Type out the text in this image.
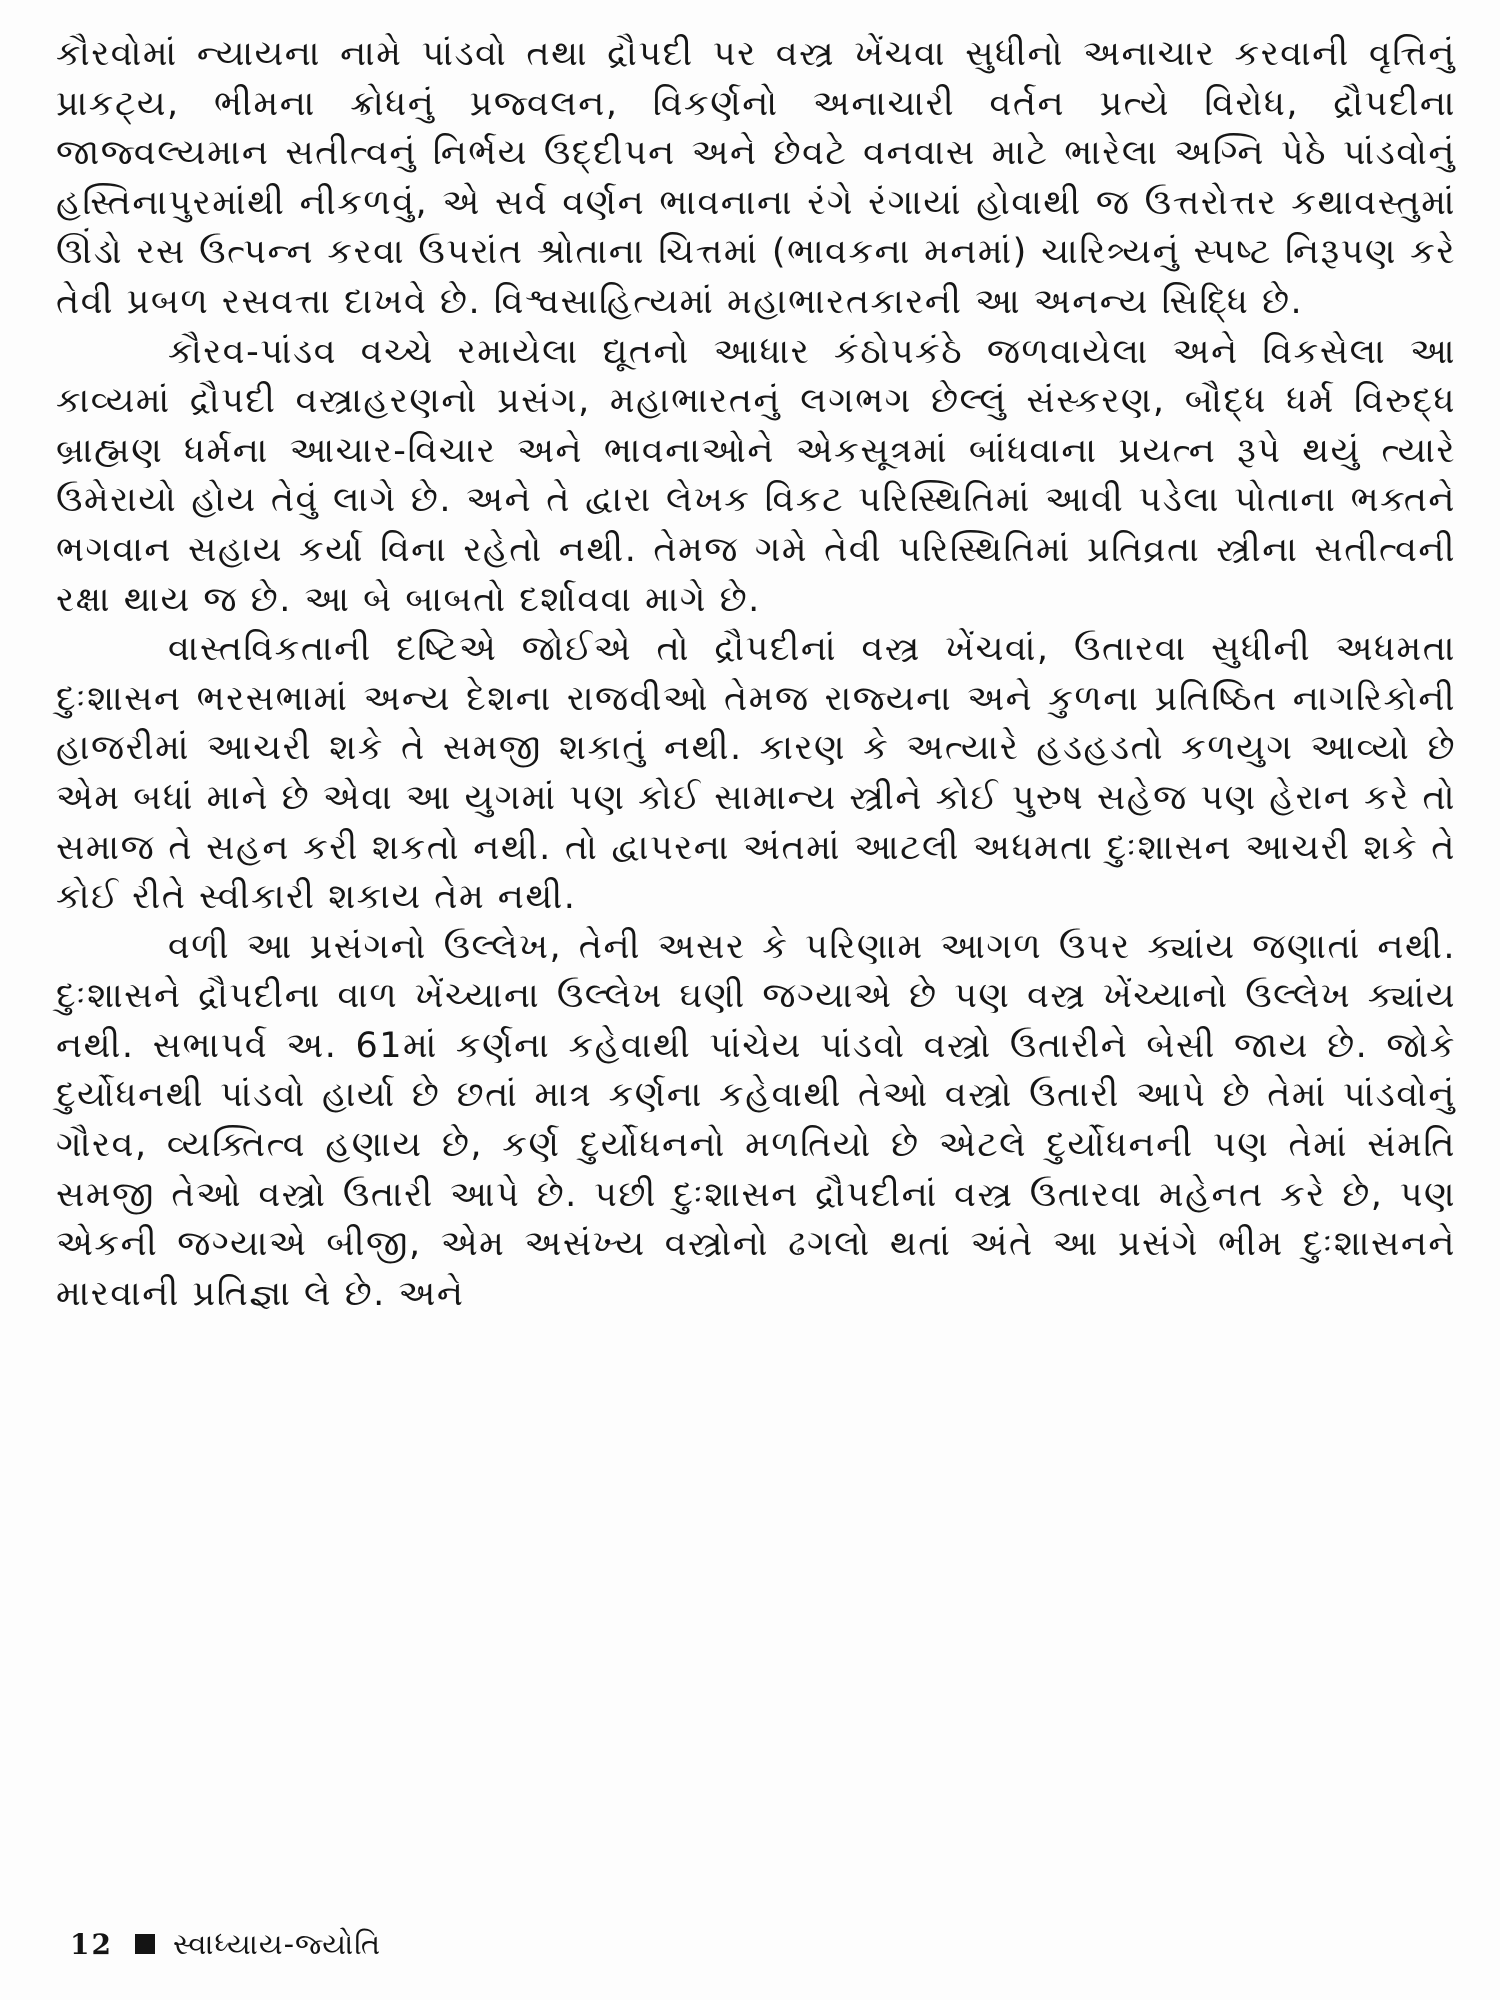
કૌરવોમાં ન્યાયના નામે પાંડવો તથા દ્રૌપદી પર વસ્ત્ર ખેંચવા સુધીનો અનાચાર કરવાની વૃત્તિનું પ્રાકટ્ય, ભીમના ક્રોધનું પ્રજ્વલન, વિકર્ણનો અનાચારી વર્તન પ્રત્યે વિરોધ, દ્રૌપદીના જાજ્વલ્યમાન સતીત્વનું નિર્ભય ઉદ્દીપન અને છેવટે વનવાસ માટે ભારેલા અગ્નિ પેઠે પાંડવોનું હસ્તિનાપુરમાંથી નીકળવું, એ સર્વ વર્ણન ભાવનાના રંગે રંગાયાં હોવાથી જ ઉત્તરોત્તર કથાવસ્તુમાં ઊંડો રસ ઉત્પન્ન કરવા ઉપરાંત શ્રોતાના ચિત્તમાં (ભાવકના મનમાં) ચારિત્ર્યનું સ્પષ્ટ નિરૂપણ કરે તેવી પ્રબળ રસવત્તા દાખવે છે. વિશ્વસાહિત્યમાં મહાભારતકારની આ અનન્ય સિદ્ધિ છે.

કૌરવ-પાંડવ વચ્ચે રમાયેલા દ્યૂતનો આધાર કંઠોપકંઠે જળવાયેલા અને વિકસેલા આ કાવ્યમાં દ્રૌપદી વસ્ત્રાહરણનો પ્રસંગ, મહાભારતનું લગભગ છેલ્લું સંસ્કરણ, બૌદ્ધ ધર્મ વિરુદ્ધ બ્રાહ્મણ ધર્મના આચાર-વિચાર અને ભાવનાઓને એકસૂત્રમાં બાંધવાના પ્રયત્ન રૂપે થયું ત્યારે ઉમેરાયો હોય તેવું લાગે છે. અને તે દ્વારા લેખક વિકટ પરિસ્થિતિમાં આવી પડેલા પોતાના ભક્તને ભગવાન સહાય કર્યા વિના રહેતો નથી. તેમજ ગમે તેવી પરિસ્થિતિમાં પ્રતિવ્રતા સ્ત્રીના સતીત્વની રક્ષા થાય જ છે. આ બે બાબતો દર્શાવવા માગે છે.

વાસ્તવિકતાની દષ્ટિએ જોઈએ તો દ્રૌપદીનાં વસ્ત્ર ખેંચવાં, ઉતારવા સુધીની અધમતા દુઃશાસન ભરસભામાં અન્ય દેશના રાજવીઓ તેમજ રાજ્યના અને કુળના પ્રતિષ્ઠિત નાગરિકોની હાજરીમાં આચરી શકે તે સમજી શકાતું નથી. કારણ કે અત્યારે હડહડતો કળયુગ આવ્યો છે એમ બધાં માને છે એવા આ યુગમાં પણ કોઈ સામાન્ય સ્ત્રીને કોઈ પુરુષ સહેજ પણ હેરાન કરે તો સમાજ તે સહન કરી શકતો નથી. તો દ્વાપરના અંતમાં આટલી અધમતા દુઃશાસન આચરી શકે તે કોઈ રીતે સ્વીકારી શકાય તેમ નથી.

વળી આ પ્રસંગનો ઉલ્લેખ, તેની અસર કે પરિણામ આગળ ઉપર ક્યાંય જણાતાં નથી. દુઃશાસને દ્રૌપદીના વાળ ખેંચ્યાના ઉલ્લેખ ઘણી જગ્યાએ છે પણ વસ્ત્ર ખેંચ્યાનો ઉલ્લેખ ક્યાંય નથી. સભાપર્વ અ. 61માં કર્ણના કહેવાથી પાંચેય પાંડવો વસ્ત્રો ઉતારીને બેસી જાય છે. જોકે દુર્યોધનથી પાંડવો હાર્યા છે છતાં માત્ર કર્ણના કહેવાથી તેઓ વસ્ત્રો ઉતારી આપે છે તેમાં પાંડવોનું ગૌરવ, વ્યક્તિત્વ હણાય છે, કર્ણ દુર્યોધનનો મળતિયો છે એટલે દુર્યોધનની પણ તેમાં સંમતિ સમજી તેઓ વસ્ત્રો ઉતારી આપે છે. પછી દુઃશાસન દ્રૌપદીનાં વસ્ત્ર ઉતારવા મહેનત કરે છે, પણ એકની જગ્યાએ બીજી, એમ અસંખ્ય વસ્ત્રોનો ઢગલો થતાં અંતે આ પ્રસંગે ભીમ દુઃશાસનને મારવાની પ્રતિજ્ઞા લે છે. અને

12 સ્વાધ્યાય-જ્યોતિ
